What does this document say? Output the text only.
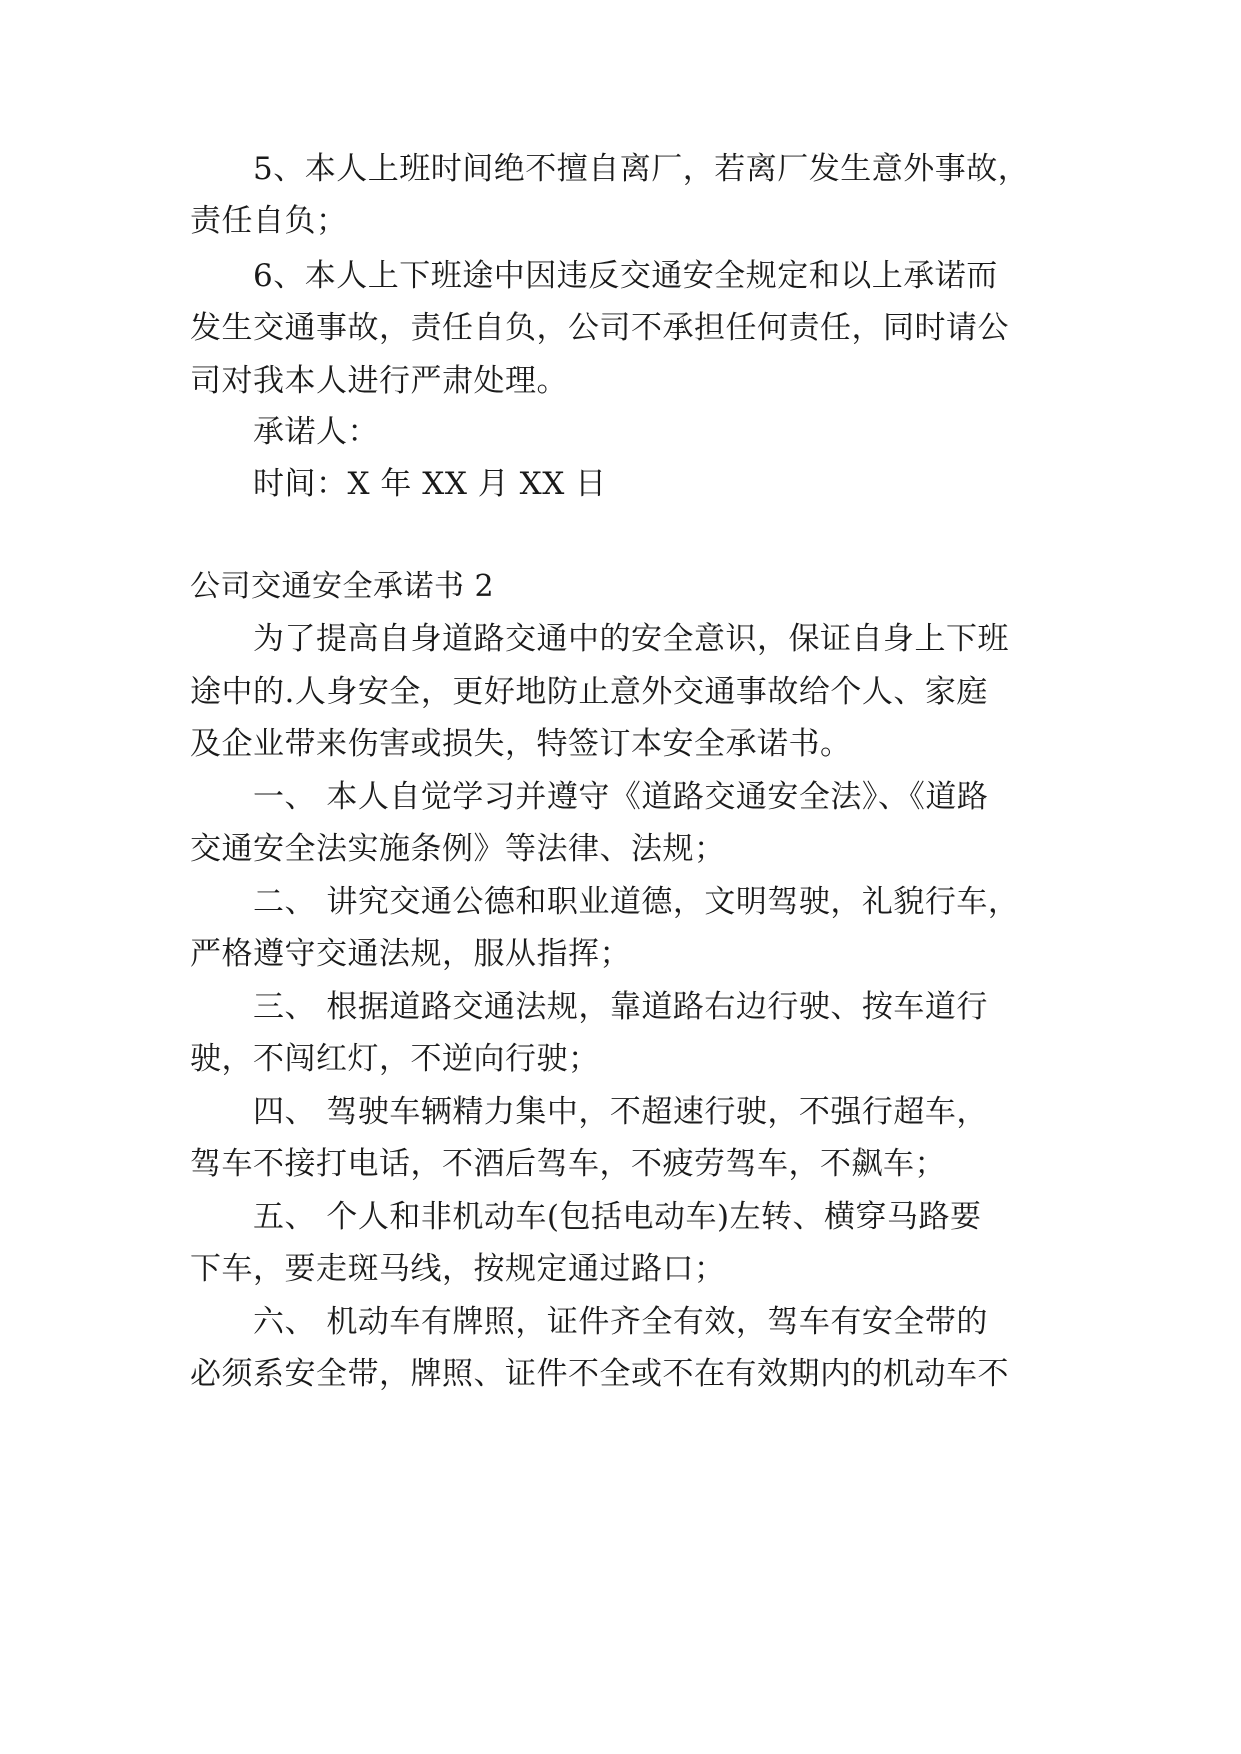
5、本人上班时间绝不擅自离厂，若离厂发生意外事故，
责任自负；
6、本人上下班途中因违反交通安全规定和以上承诺而
发生交通事故，责任自负，公司不承担任何责任，同时请公
司对我本人进行严肃处理。
承诺人：
时间：X 年 XX 月 XX 日
公司交通安全承诺书 2
为了提高自身道路交通中的安全意识，保证自身上下班
途中的.人身安全，更好地防止意外交通事故给个人、家庭
及企业带来伤害或损失，特签订本安全承诺书。
一、 本人自觉学习并遵守《道路交通安全法》、《道路
交通安全法实施条例》等法律、法规；
二、 讲究交通公德和职业道德，文明驾驶，礼貌行车，
严格遵守交通法规，服从指挥；
三、 根据道路交通法规，靠道路右边行驶、按车道行
驶，不闯红灯，不逆向行驶；
四、 驾驶车辆精力集中，不超速行驶，不强行超车，
驾车不接打电话，不酒后驾车，不疲劳驾车，不飙车；
五、 个人和非机动车(包括电动车)左转、横穿马路要
下车，要走斑马线，按规定通过路口；
六、 机动车有牌照，证件齐全有效，驾车有安全带的
必须系安全带，牌照、证件不全或不在有效期内的机动车不
